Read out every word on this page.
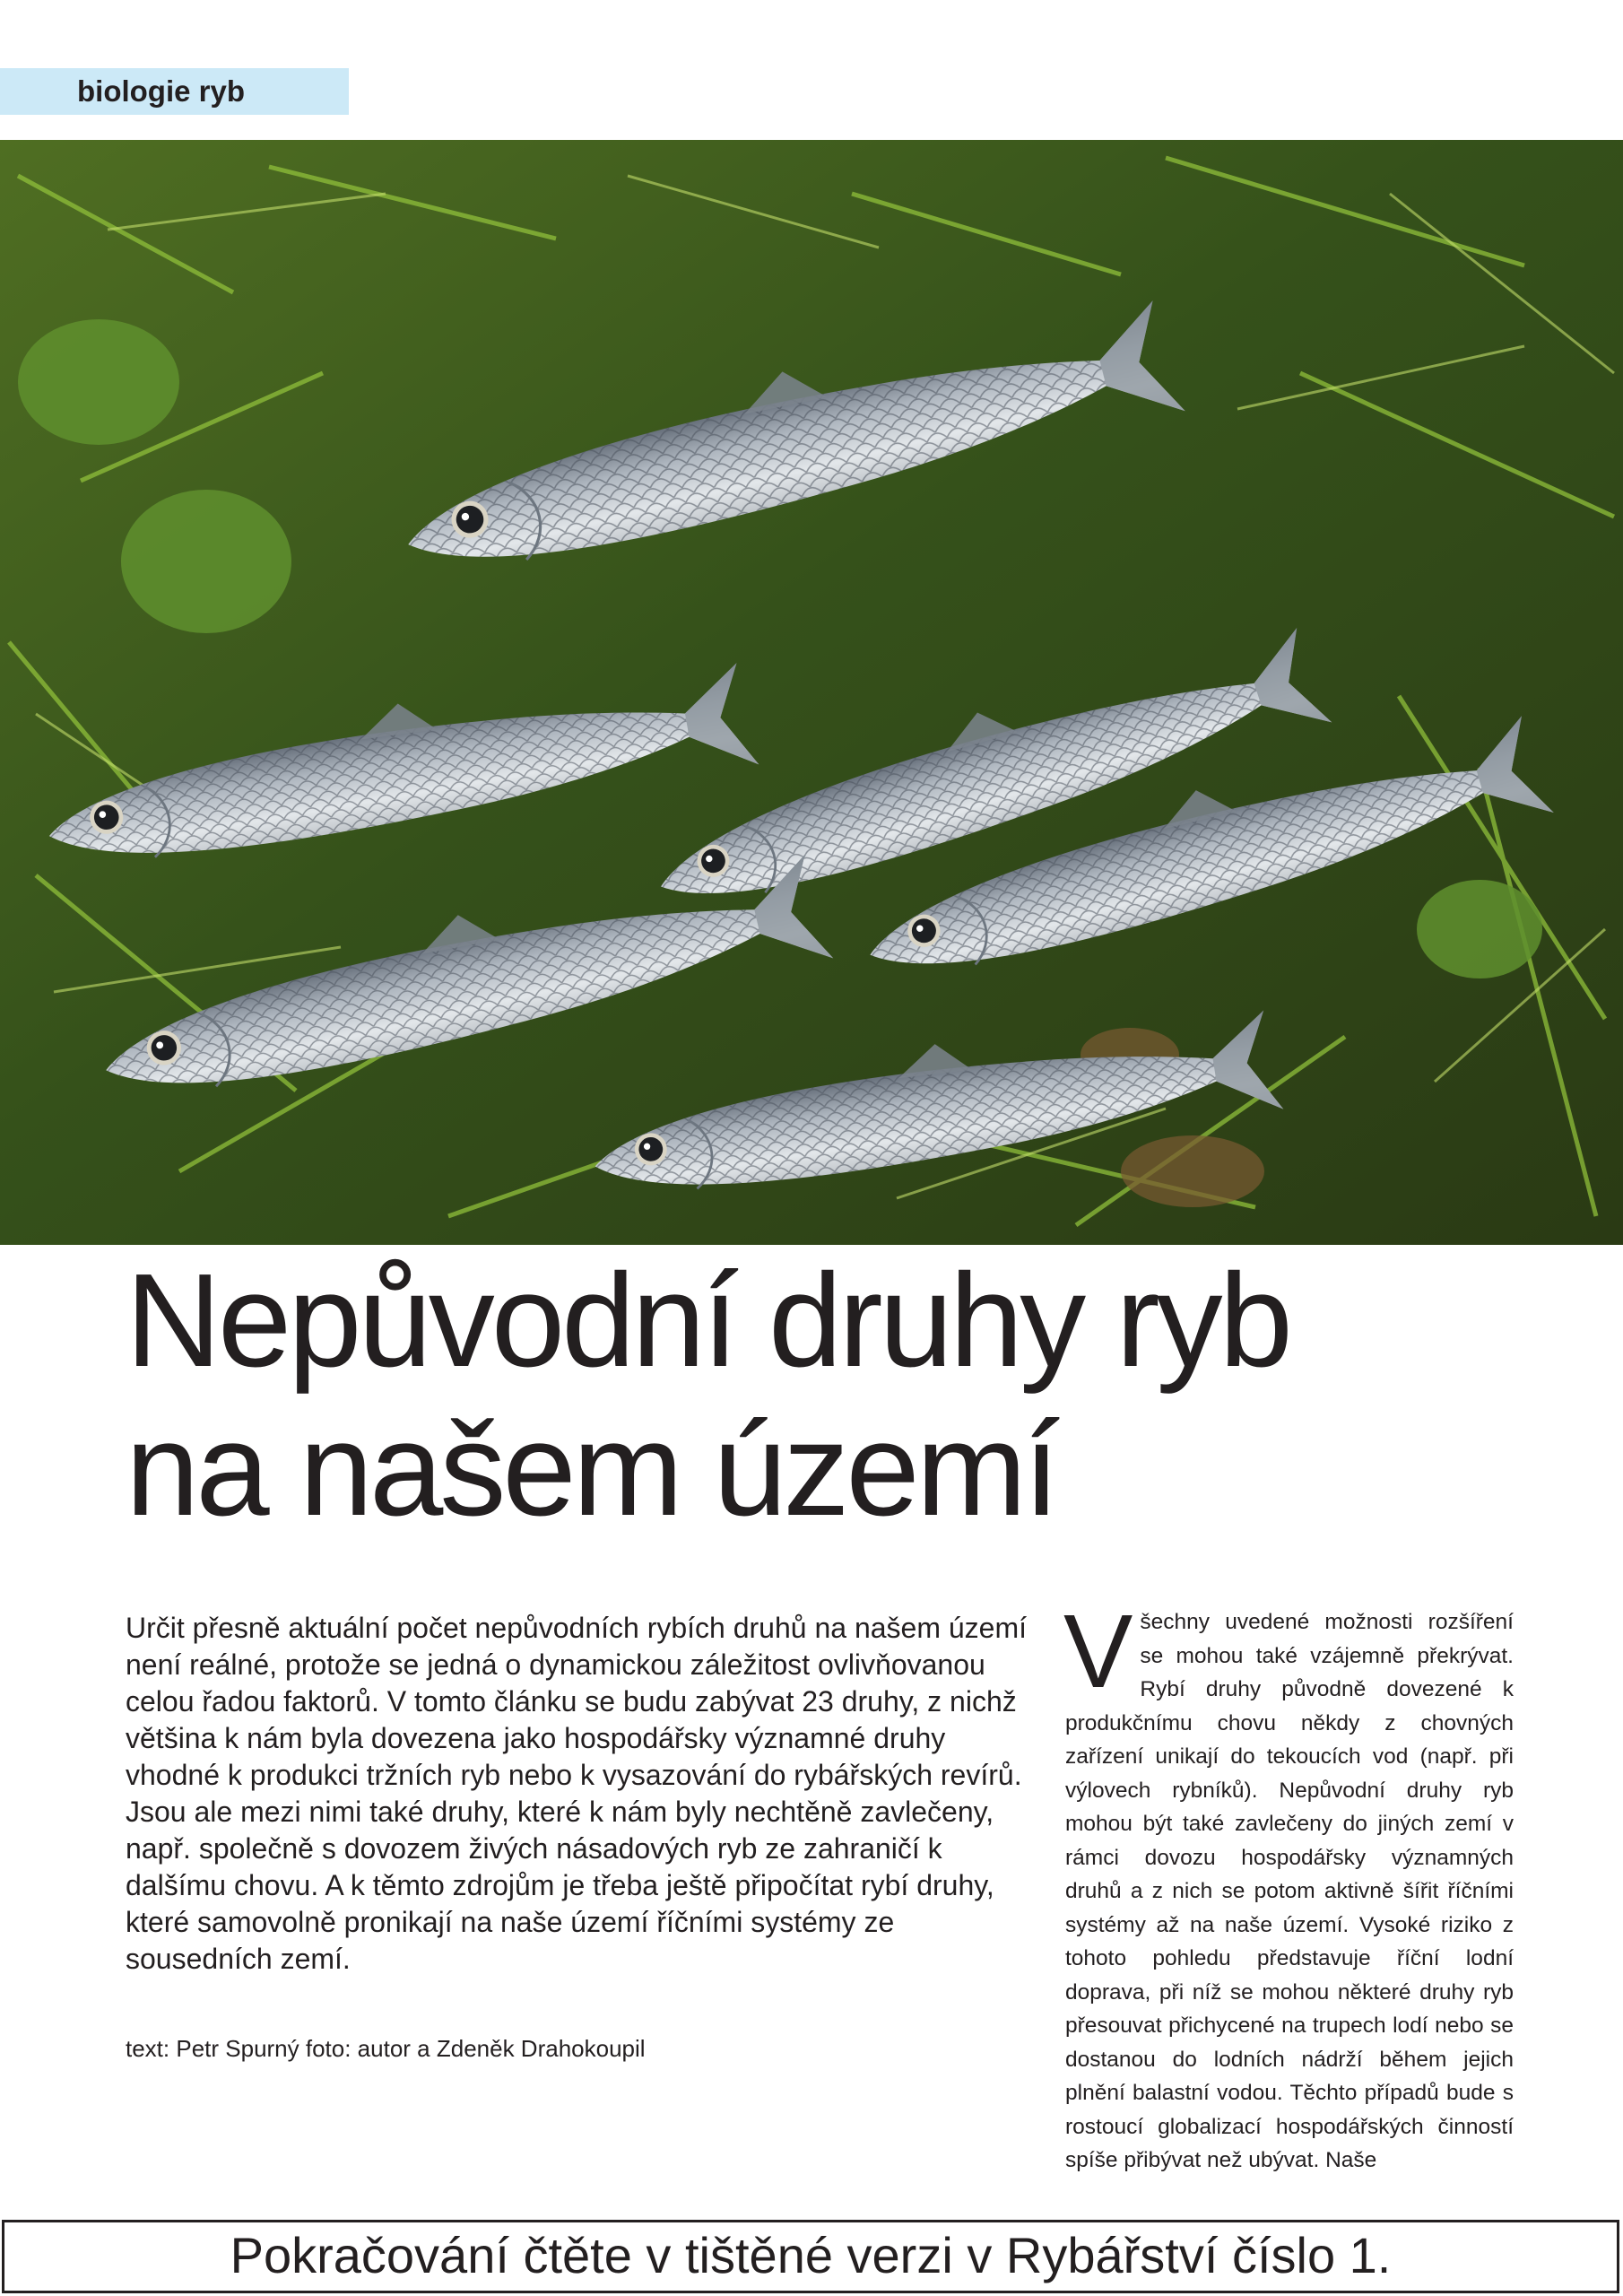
biologie ryb
Nepůvodní druhy ryb
na našem území

Určit přesně aktuální počet nepůvodních rybích druhů na našem území není reálné, protože se jedná o dynamickou záležitost ovlivňovanou celou řadou faktorů. V tomto článku se budu zabývat 23 druhy, z nichž většina k nám byla dovezena jako hospodářsky významné druhy vhodné k produkci tržních ryb nebo k vysazování do rybářských revírů. Jsou ale mezi nimi také druhy, které k nám byly nechtěně zavlečeny, např. společně s dovozem živých násadových ryb ze zahraničí k dalšímu chovu. A k těmto zdrojům je třeba ještě připočítat rybí druhy, které samovolně pronikají na naše území říčními systémy ze sousedních zemí.

text: Petr Spurný foto: autor a Zdeněk Drahokoupil

V šechny uvedené možnosti rozšíření se mohou také vzájemně překrývat. Rybí druhy původně dovezené k produkčnímu chovu někdy z chovných zařízení unikají do tekoucích vod (např. při výlovech rybníků). Nepůvodní druhy ryb mohou být také zavlečeny do jiných zemí v rámci dovozu hospodářsky významných druhů a z nich se potom aktivně šířit říčními systémy až na naše území. Vysoké riziko z tohoto pohledu představuje říční lodní doprava, při níž se mohou některé druhy ryb přesouvat přichycené na trupech lodí nebo se dostanou do lodních nádrží během jejich plnění balastní vodou. Těchto případů bude s rostoucí globalizací hospodářských činností spíše přibývat než ubývat. Naše

Pokračování čtěte v tištěné verzi v Rybářství číslo 1.
